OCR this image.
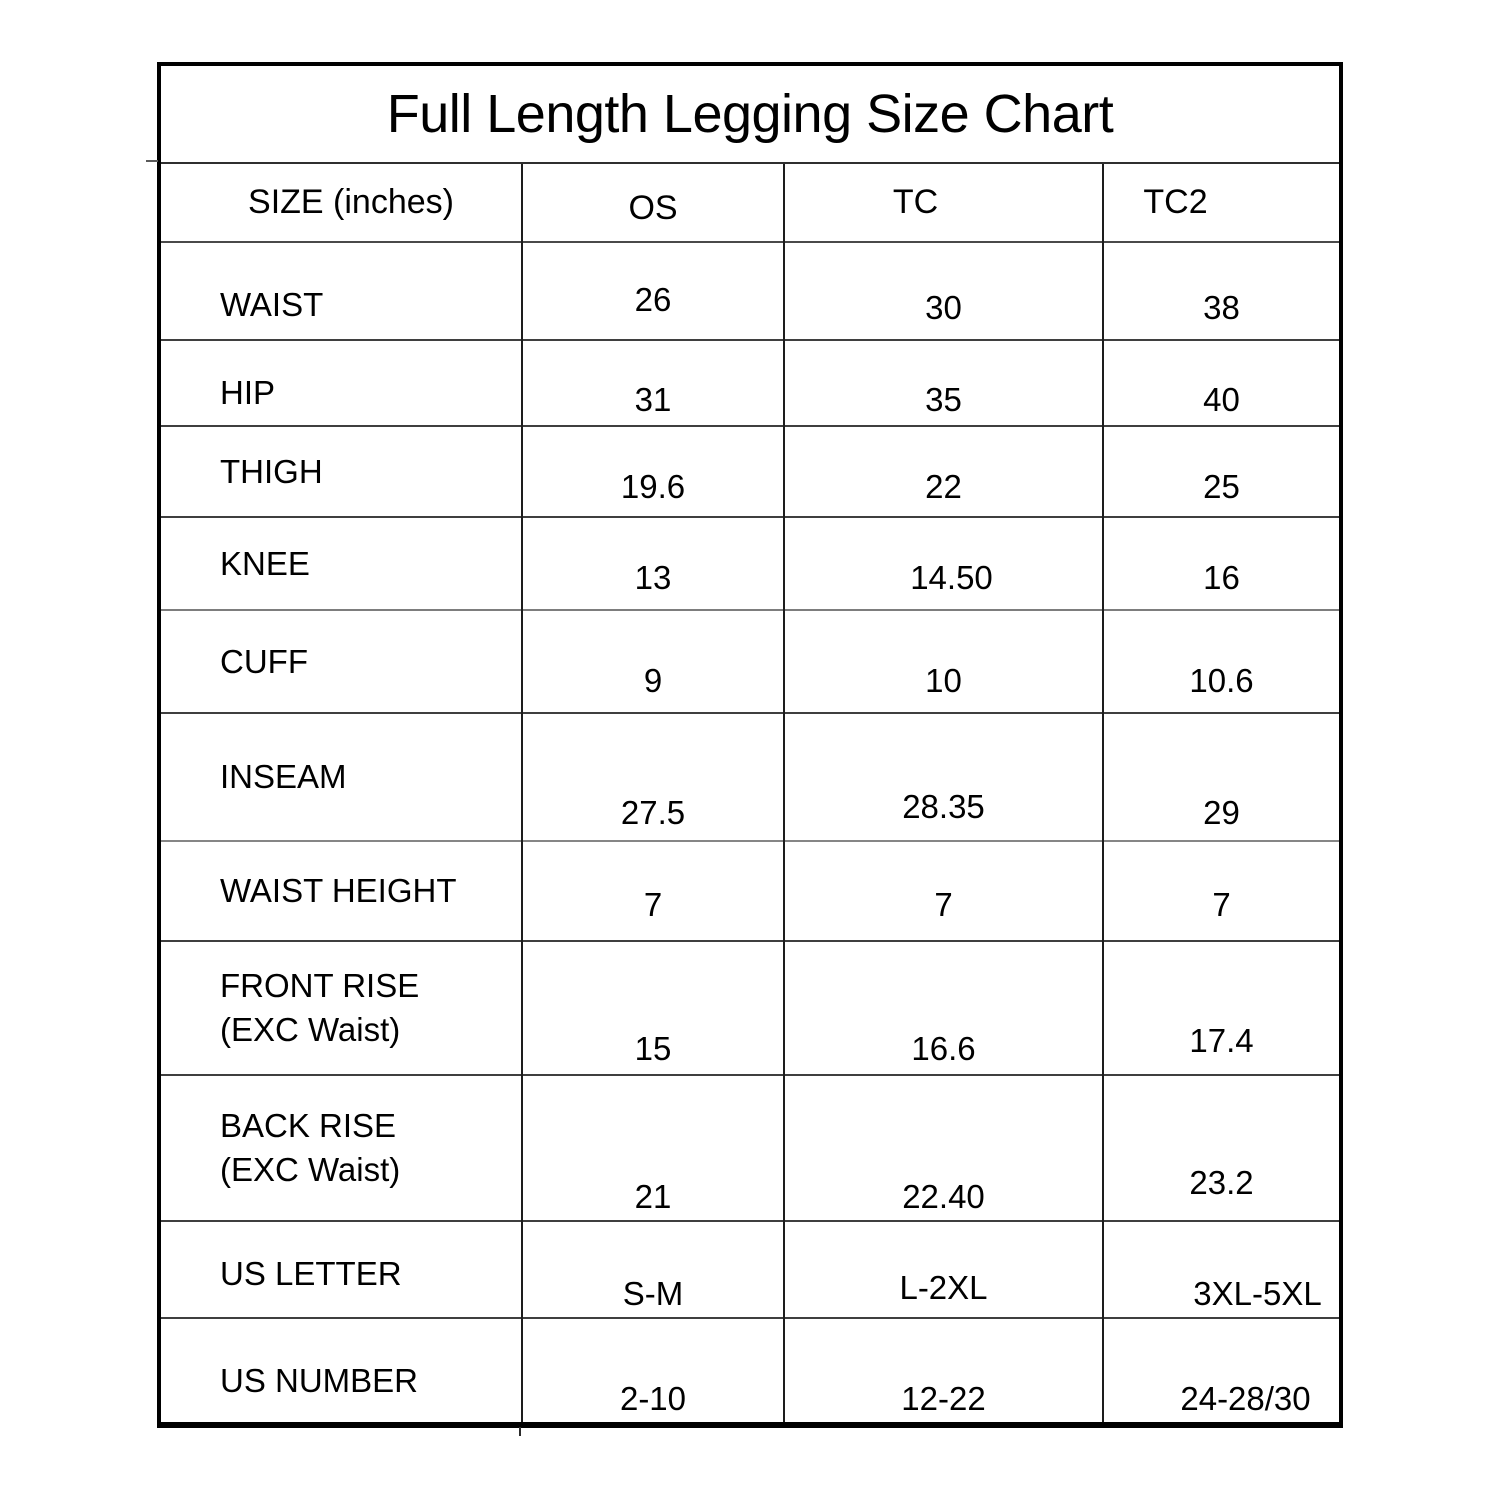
Full Length Legging Size Chart
SIZE (inches)	OS	TC	TC2

WAIST	26	30	38

HIP	31	35	40

THIGH	19.6	22	25

KNEE	13	14.50	16

CUFF	9	10	10.6

INSEAM	27.5	28.35	29

WAIST HEIGHT	7	7	7

FRONT RISE
(EXC Waist)	15	16.6	17.4

BACK RISE
(EXC Waist)	21	22.40	23.2

US LETTER	S-M	L-2XL	3XL-5XL

US NUMBER	2-10	12-22	24-28/30
